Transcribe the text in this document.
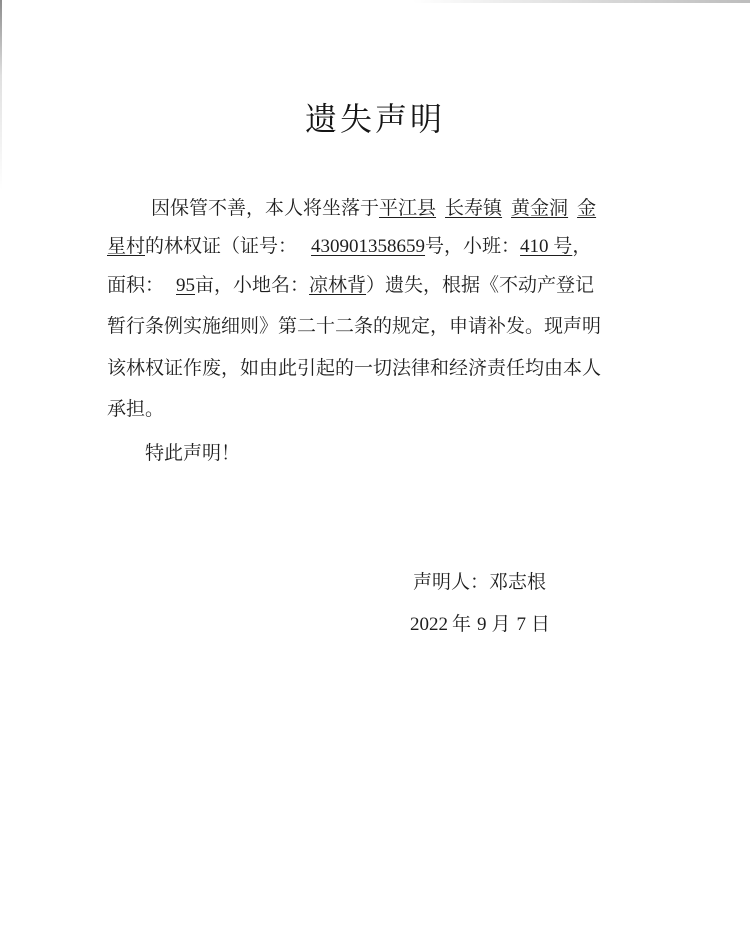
遗失声明
因保管不善，本人将坐落于平江县 长寿镇 黄金洞 金
星村的林权证（证号： 430901358659号，小班：410 号，
面积： 95亩，小地名：凉林背）遗失，根据《不动产登记
暂行条例实施细则》第二十二条的规定，申请补发。现声明
该林权证作废，如由此引起的一切法律和经济责任均由本人
承担。
特此声明！
声明人：邓志根
2022 年 9 月 7 日
